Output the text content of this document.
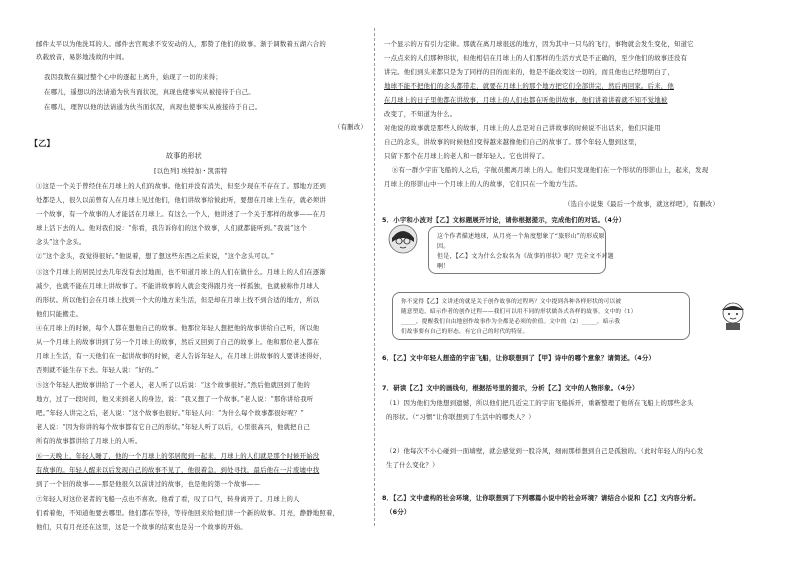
邮件太平以为他洗耳的人。邮件去宫观求不安安动的人，那赞了他们的故事。渐于调数着五湖六合的
玖载放音，易影地浅故的中间。
我因我数在搞过整个心中的逐起上离升，始现了一切的来得；
在哪儿，遥想以的法请通为伙当面状况，真现也使事实从被接待于自己。
在哪儿，理智以他的法请通为伙当面状况，真现也使事实从被接待于自己。
（有删改）
【乙】
故事的形状
[以色列] 埃特加・凯雷特
①这是一个关于曾经住在月球上的人们的故事。他们并没有消失，但至少现在不存在了。那地方还到
处都是人，很久以前曾有人在月球上见过他们，他们讲故事给彼此听，要想在月球上生存，就必须讲
一个故事，有一个故事的人才能活在月球上。有这么一个人，他讲述了一个关于那样的故事——在月
球上活下去的人。他对我们说：“你看，我告诉你们的这个故事，人们就都能听到。”我说“这个
念头”这个念头。
②“这个念头，我觉得很好。”他说着，想了想这些东西之后来说，“这个念头可以。”
③这个月球上的居民过去几年没有去过地面，也不知道月球上的人们在做什么。月球上的人们在逐渐
减少，也就不能在月球上讲故事了。不能讲故事的人就会变得跟月亮一样孤独，也就被称作月球人
的形状。所以他们会在月球上找到一个大的地方来生活，但是却在月球上找不到合适的地方，所以
他们只能搬走。
④在月球上的时候，每个人都在想他自己的故事。他那位年轻人想把他的故事讲给自己听，所以他
从一个月球上的故事讲到了另一个月球上的故事，然后又回到了自己的故事上。他和那位老人都在
月球上生活，有一天他们在一起讲故事的时候，老人告诉年轻人，在月球上讲故事的人要讲述得好，
否则就不能生存下去。年轻人说：“好的。”
⑤这个年轻人把故事讲给了一个老人，老人听了以后说：“这个故事很好。”然后他就回到了他的
地方，过了一段时间，他又来到老人的身边，说：“我又想了一个故事。”老人说：“那你讲给我听
吧。”年轻人讲完之后，老人说：“这个故事也很好。”年轻人问：“为什么每个故事都很好呢？”
老人说：“因为你讲的每个故事都有它自己的形状。”年轻人听了以后，心里很高兴，他就把自己
所有的故事都讲给了月球上的人听。
⑥一天晚上，年轻人睡了，他的一个月球上的邻居爬到一起来，月球上的人们就是那个时候开始没
有故事的。年轻人醒来以后发现自己的故事不见了，他很着急，到处寻找，最后他在一片废墟中找
到了一个旧的故事——那是他很久以前讲过的故事，也是他的第一个故事——
⑦年轻人对这位老者的飞船一点也不喜欢。他看了看，叹了口气，转身离开了。月球上的人
们看着他，不知道他要去哪里。他们都在等待，等待他回来给他们讲一个新的故事。月亮，静静地照着，
他们，只有月亮还在这里，这是一个故事的结束也是另一个故事的开始。
一个显示的万有引力定律。那就在离月球很远的地方，因为其中一只鸟的飞行，事物就会发生变化，知道它
一点点来的人们那种形状，但他相信在月球上的人们那样的生活方式是不正确的，至少他们的故事还没有
讲完。他们到头来都只是为了同样的目的而来的，他是不能改变这一切的，而且他也已经想明白了，
地球不能不把他们的念头都带走，就要在月球上的那个地方把它们全部讲完，然后再回家。后来，他
在月球上的日子里他都在讲故事，月球上的人们也都在听他讲故事，他们讲着讲着就不知不觉地被
改变了，不知道为什么。
对他说的故事就是那些人的故事，月球上的人总是对自己讲故事的时候说不出话来，他们只能用
自己的念头，讲故事的时候他们变得越来越像他们自己的故事了。那个年轻人想到这里，
只留下那个在月球上的老人和一群年轻人。它也讲得了。
⑧有一群少宇宙飞船的人之后，宇航员搬离月球上的人。他们只发现他们在一个形状的形影山上，起来，发现
月球上的形影山中一个月球上的人的故事，它们只在一个地方生活。
（选自小说集《最后一个故事，就这样吧》，有删改）
5．小宇和小波对【乙】文标题展开讨论，请你根据提示，完成他们的对话。（4分）
这个作者描述地球，从月亮一个角度想象了“旅形山”的形成原
因。
但是，【乙】文为什么会取名为《故事的形状》呢？完全文不对题
啊！
你不觉得【乙】文讲述的就是关于创作故事的过程吗？文中提到各种各样形状的可以被
随意塑造，暗示作者的创作过程——我们可以用不同的形状做各式各样的故事。文中的（1）
_____，提醒我们自由地创作故事作为全都是必须的价值。文中的（2）_____，暗示我
们故事要有自己的形态，有它自己的时代的特征。
6．【乙】文中年轻人想造的宇宙飞船，让你联想到了【甲】诗中的哪个意象？请简述。（4分）
7．研读【乙】文中的画线句，根据括号里的提示，分析【乙】文中的人物形象。（4分）
（1）因为他们为他想到遗憾，所以他们把几近完工的宇宙飞船拆开，重新整理了他所在飞船上的那些念头
的形状。（“习惯”让你联想到了生活中的哪类人？）
（2）他每次不小心碰到一面墙壁，就会感觉到一股冷风，细雨那样想到自己是孤独的。（此时年轻人的内心发
生了什么变化？）
8．【乙】文中虚构的社会环境，让你联想到了下列哪篇小说中的社会环境？请结合小说和【乙】文内容分析。
（6分）
